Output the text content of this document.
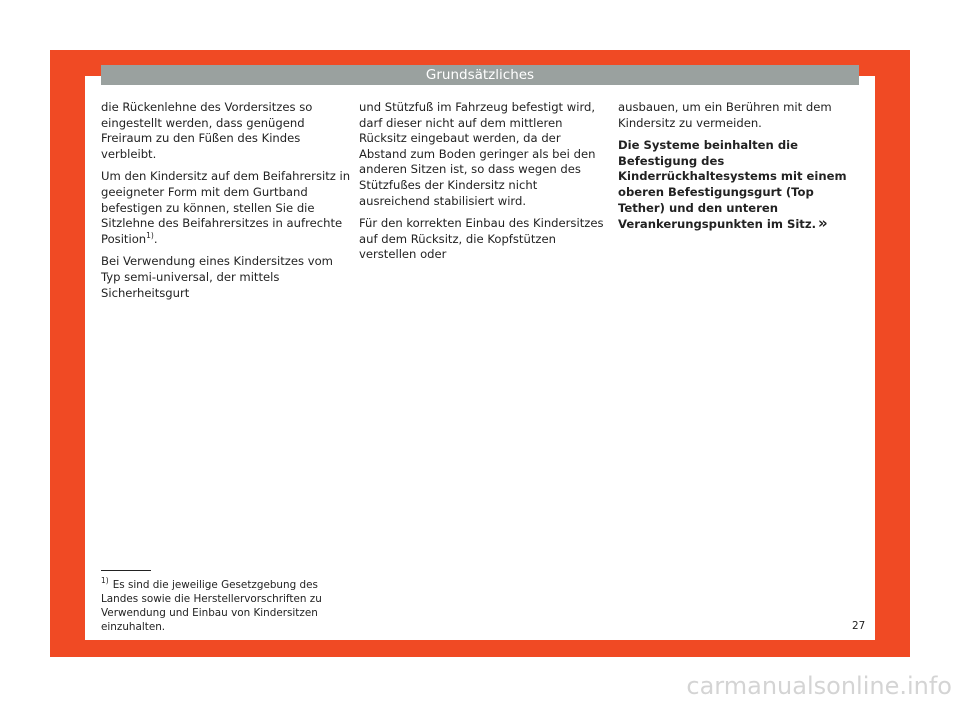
Grundsätzliches

die Rückenlehne des Vordersitzes so eingestellt werden, dass genügend Freiraum zu den Füßen des Kindes verbleibt.

Um den Kindersitz auf dem Beifahrersitz in geeigneter Form mit dem Gurtband befestigen zu können, stellen Sie die Sitzlehne des Beifahrersitzes in aufrechte Position$^{1)}$.

Bei Verwendung eines Kindersitzes vom Typ semi-universal, der mittels Sicherheitsgurt

und Stützfuß im Fahrzeug befestigt wird, darf dieser nicht auf dem mittleren Rücksitz eingebaut werden, da der Abstand zum Boden geringer als bei den anderen Sitzen ist, so dass wegen des Stützfußes der Kindersitz nicht ausreichend stabilisiert wird.

Für den korrekten Einbau des Kindersitzes auf dem Rücksitz, die Kopfstützen verstellen oder

ausbauen, um ein Berühren mit dem Kindersitz zu vermeiden.

Die Systeme beinhalten die Befestigung des Kinderrückhaltesystems mit einem oberen Befestigungsgurt (Top Tether) und den unteren Verankerungspunkten im Sitz. »

$^{1)}$ Es sind die jeweilige Gesetzgebung des Landes sowie die Herstellervorschriften zu Verwendung und Einbau von Kindersitzen einzuhalten.	27
carmanualsonline.info
